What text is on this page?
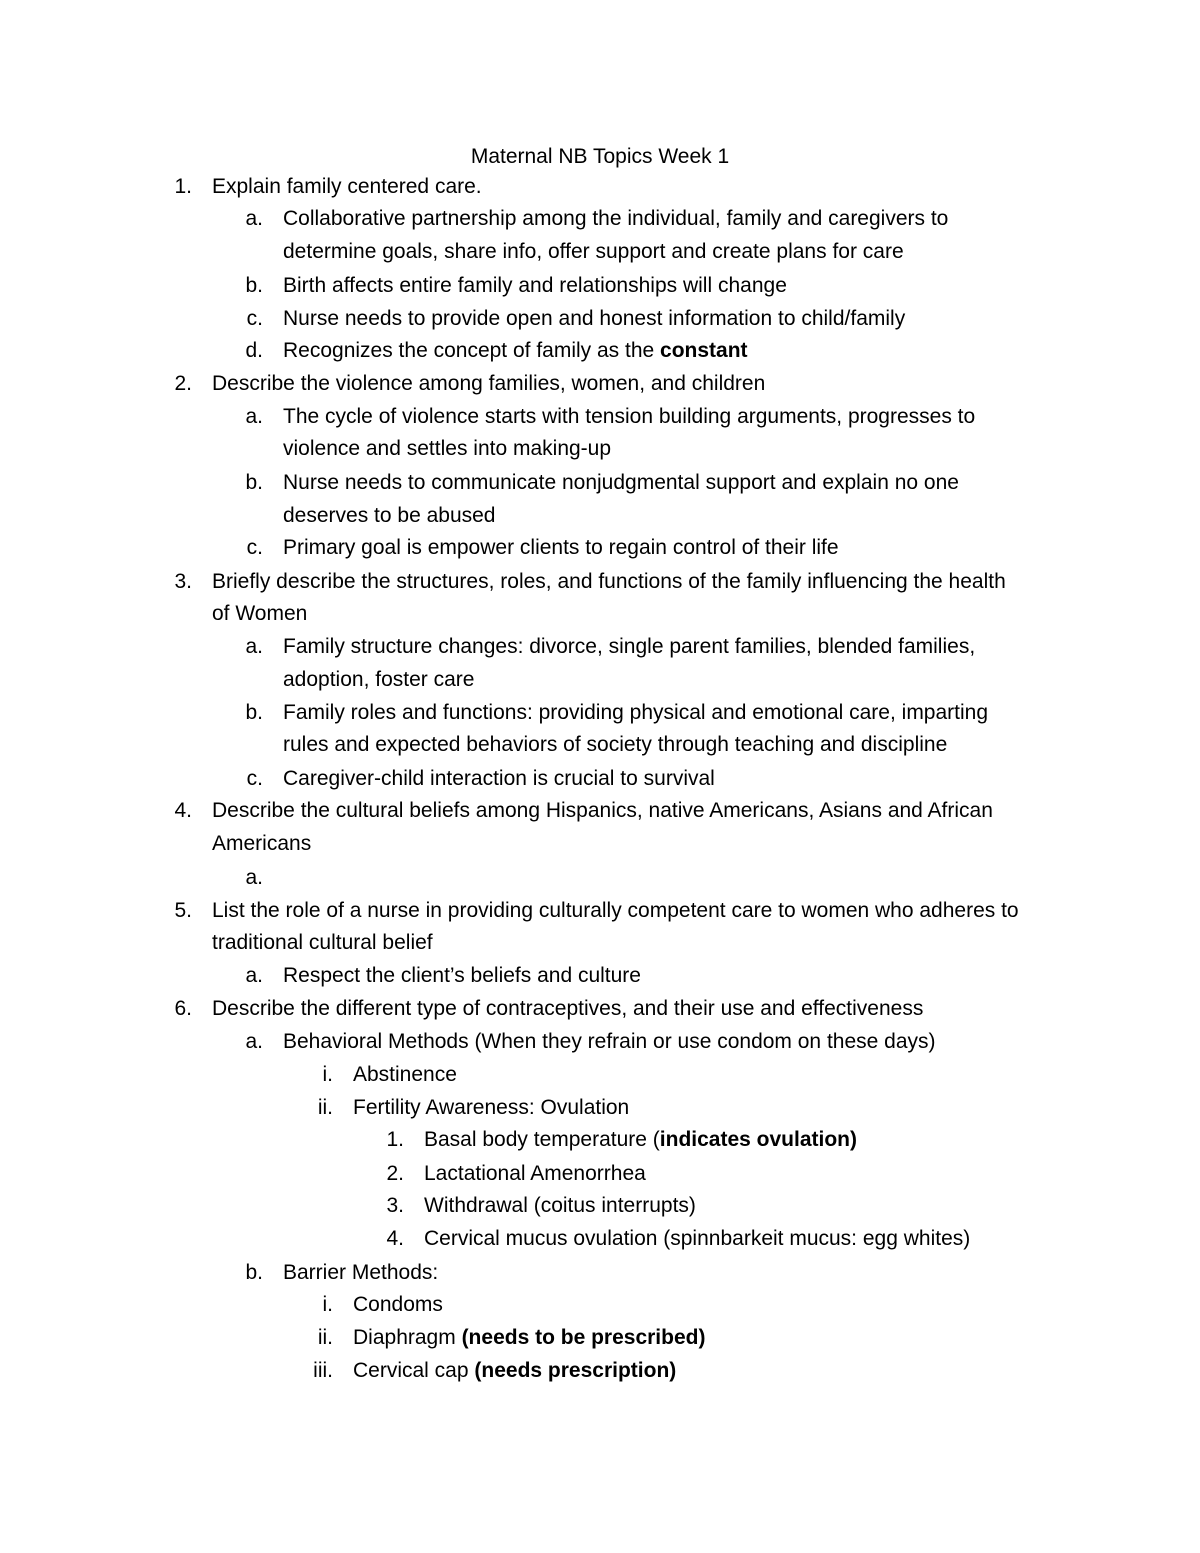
Maternal NB Topics Week 1
1. Explain family centered care.
a. Collaborative partnership among the individual, family and caregivers to
determine goals, share info, offer support and create plans for care
b. Birth affects entire family and relationships will change
c. Nurse needs to provide open and honest information to child/family
d. Recognizes the concept of family as the constant
2. Describe the violence among families, women, and children
a. The cycle of violence starts with tension building arguments, progresses to
violence and settles into making-up
b. Nurse needs to communicate nonjudgmental support and explain no one
deserves to be abused
c. Primary goal is empower clients to regain control of their life
3. Briefly describe the structures, roles, and functions of the family influencing the health
of Women
a. Family structure changes: divorce, single parent families, blended families,
adoption, foster care
b. Family roles and functions: providing physical and emotional care, imparting
rules and expected behaviors of society through teaching and discipline
c. Caregiver-child interaction is crucial to survival
4. Describe the cultural beliefs among Hispanics, native Americans, Asians and African
Americans
a.
5. List the role of a nurse in providing culturally competent care to women who adheres to
traditional cultural belief
a. Respect the client’s beliefs and culture
6. Describe the different type of contraceptives, and their use and effectiveness
a. Behavioral Methods (When they refrain or use condom on these days)
i. Abstinence
ii. Fertility Awareness: Ovulation
1. Basal body temperature (indicates ovulation)
2. Lactational Amenorrhea
3. Withdrawal (coitus interrupts)
4. Cervical mucus ovulation (spinnbarkeit mucus: egg whites)
b. Barrier Methods:
i. Condoms
ii. Diaphragm (needs to be prescribed)
iii. Cervical cap (needs prescription)
